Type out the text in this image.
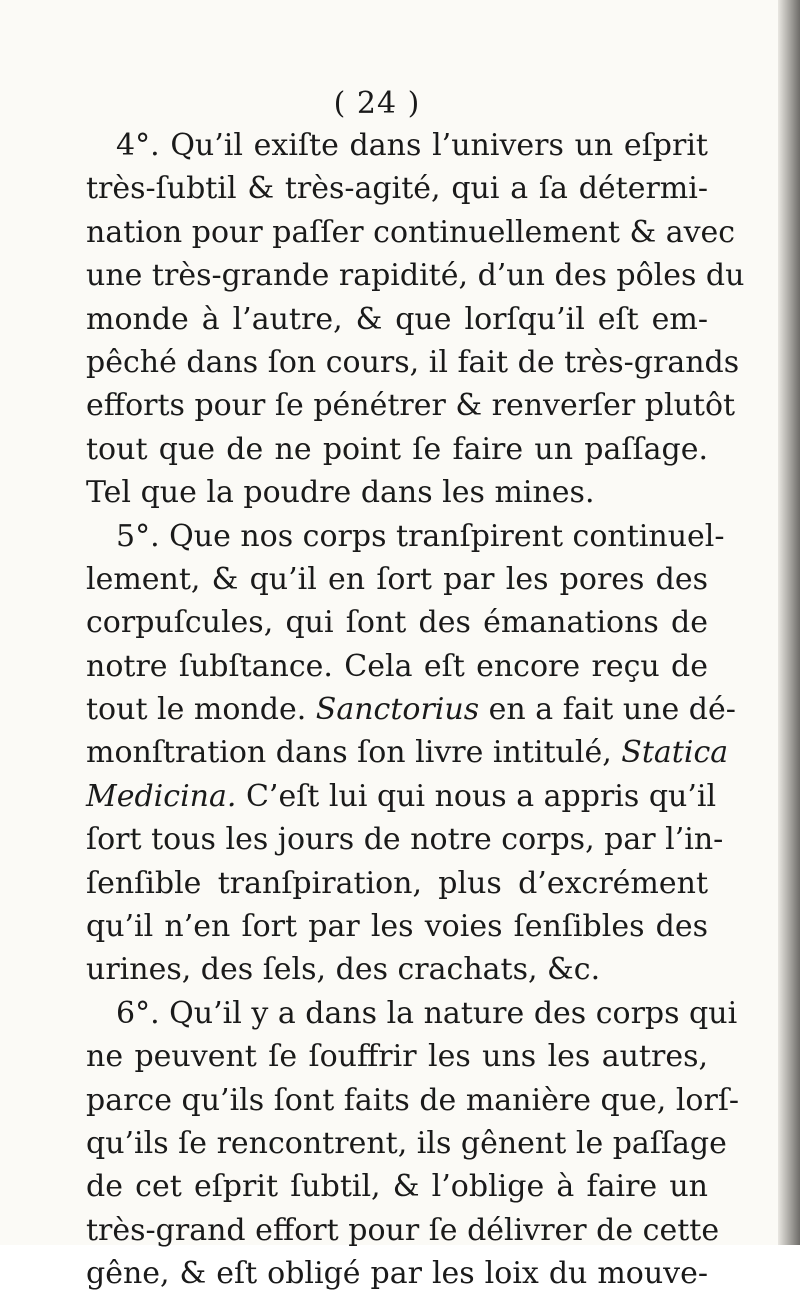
( 24 )
4°. Qu’il exiſte dans l’univers un eſprit
très-ſubtil & très-agité, qui a ſa détermi-
nation pour paſſer continuellement & avec
une très-grande rapidité, d’un des pôles du
monde à l’autre, & que lorſqu’il eſt em-
pêché dans ſon cours, il fait de très-grands
efforts pour ſe pénétrer & renverſer plutôt
tout que de ne point ſe faire un paſſage.
Tel que la poudre dans les mines.
5°. Que nos corps tranſpirent continuel-
lement, & qu’il en ſort par les pores des
corpuſcules, qui ſont des émanations de
notre ſubſtance. Cela eſt encore reçu de
tout le monde. Sanctorius en a fait une dé-
monſtration dans ſon livre intitulé, Statica
Medicina. C’eſt lui qui nous a appris qu’il
ſort tous les jours de notre corps, par l’in-
ſenſible tranſpiration, plus d’excrément
qu’il n’en ſort par les voies ſenſibles des
urines, des ſels, des crachats, &c.
6°. Qu’il y a dans la nature des corps qui
ne peuvent ſe ſouffrir les uns les autres,
parce qu’ils ſont faits de manière que, lorſ-
qu’ils ſe rencontrent, ils gênent le paſſage
de cet eſprit ſubtil, & l’oblige à faire un
très-grand effort pour ſe délivrer de cette
gêne, & eſt obligé par les loix du mouve-
